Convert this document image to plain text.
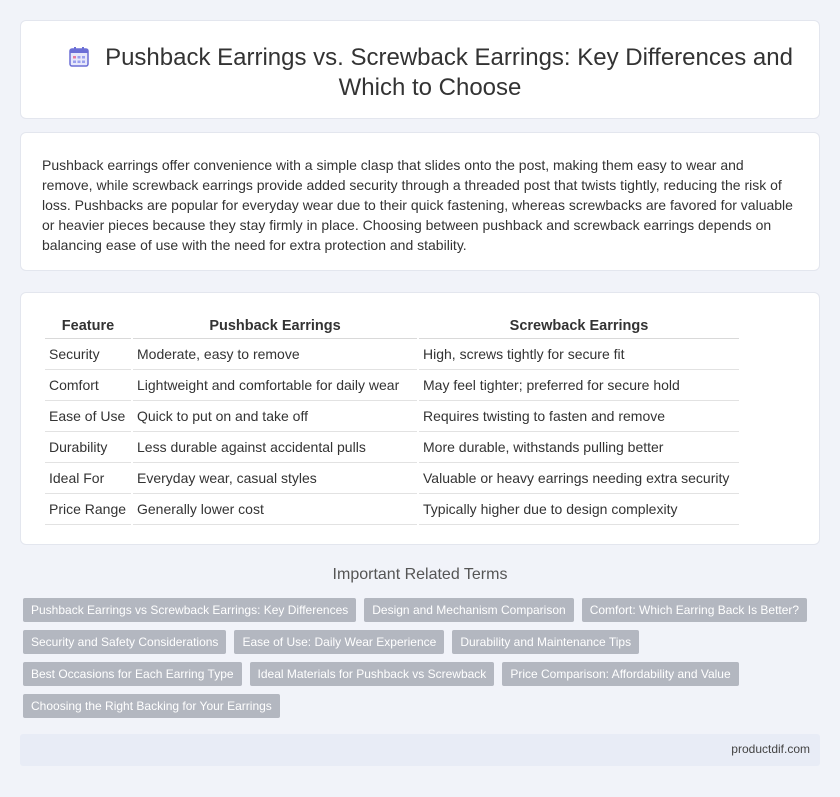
Pushback Earrings vs. Screwback Earrings: Key Differences and Which to Choose

Pushback earrings offer convenience with a simple clasp that slides onto the post, making them easy to wear and remove, while screwback earrings provide added security through a threaded post that twists tightly, reducing the risk of loss. Pushbacks are popular for everyday wear due to their quick fastening, whereas screwbacks are favored for valuable or heavier pieces because they stay firmly in place. Choosing between pushback and screwback earrings depends on balancing ease of use with the need for extra protection and stability.

Feature	Pushback Earrings	Screwback Earrings
Security	Moderate, easy to remove	High, screws tightly for secure fit
Comfort	Lightweight and comfortable for daily wear	May feel tighter; preferred for secure hold
Ease of Use	Quick to put on and take off	Requires twisting to fasten and remove
Durability	Less durable against accidental pulls	More durable, withstands pulling better
Ideal For	Everyday wear, casual styles	Valuable or heavy earrings needing extra security
Price Range	Generally lower cost	Typically higher due to design complexity
Important Related Terms
Pushback Earrings vs Screwback Earrings: Key Differences	Design and Mechanism Comparison	Comfort: Which Earring Back Is Better?
Security and Safety Considerations	Ease of Use: Daily Wear Experience	Durability and Maintenance Tips
Best Occasions for Each Earring Type	Ideal Materials for Pushback vs Screwback	Price Comparison: Affordability and Value
Choosing the Right Backing for Your Earrings
productdif.com
